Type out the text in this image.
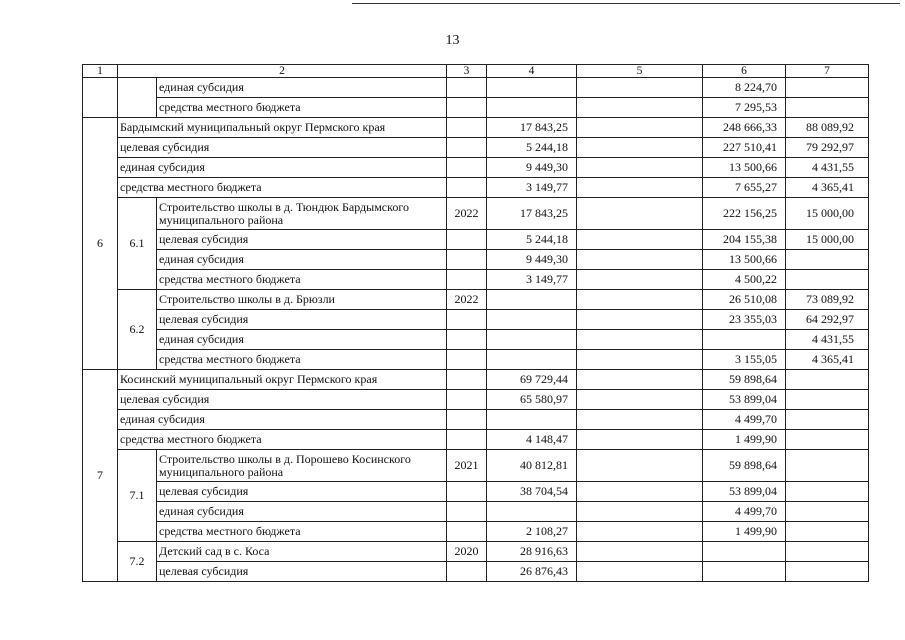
13
1	2		3	4	5	6	7
		единая субсидия				8 224,70	
		средства местного бюджета				7 295,53	
6	Бардымский муниципальный округ Пермского края			17 843,25		248 666,33	88 089,92
	целевая субсидия			5 244,18		227 510,41	79 292,97
	единая субсидия			9 449,30		13 500,66	4 431,55
	средства местного бюджета			3 149,77		7 655,27	4 365,41
	6.1	Строительство школы в д. Тюндюк Бардымского муниципального района	2022	17 843,25		222 156,25	15 000,00
		целевая субсидия		5 244,18		204 155,38	15 000,00
		единая субсидия		9 449,30		13 500,66	
		средства местного бюджета		3 149,77		4 500,22	
	6.2	Строительство школы в д. Брюзли	2022			26 510,08	73 089,92
		целевая субсидия				23 355,03	64 292,97
		единая субсидия					4 431,55
		средства местного бюджета				3 155,05	4 365,41
7	Косинский муниципальный округ Пермского края			69 729,44		59 898,64	
	целевая субсидия			65 580,97		53 899,04	
	единая субсидия					4 499,70	
	средства местного бюджета			4 148,47		1 499,90	
	7.1	Строительство школы в д. Порошево Косинского муниципального района	2021	40 812,81		59 898,64	
		целевая субсидия		38 704,54		53 899,04	
		единая субсидия				4 499,70	
		средства местного бюджета		2 108,27		1 499,90	
	7.2	Детский сад в с. Коса	2020	28 916,63			
		целевая субсидия		26 876,43			
